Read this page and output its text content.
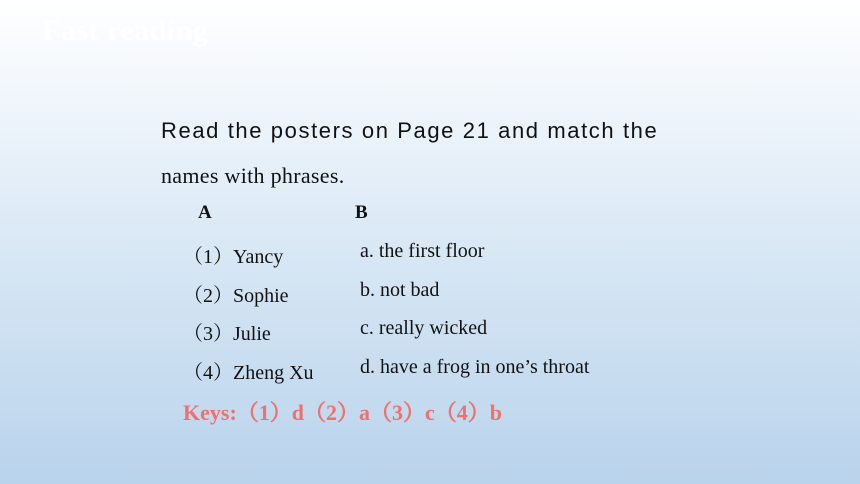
Fast reading
Read the posters on Page 21 and match the
names with phrases.
A	B
（1）Yancy	a. the first floor
（2）Sophie	b. not bad
（3）Julie	c. really wicked
（4）Zheng Xu d. have a frog in one’s throat
Keys:（1）d（2）a（3）c（4）b
